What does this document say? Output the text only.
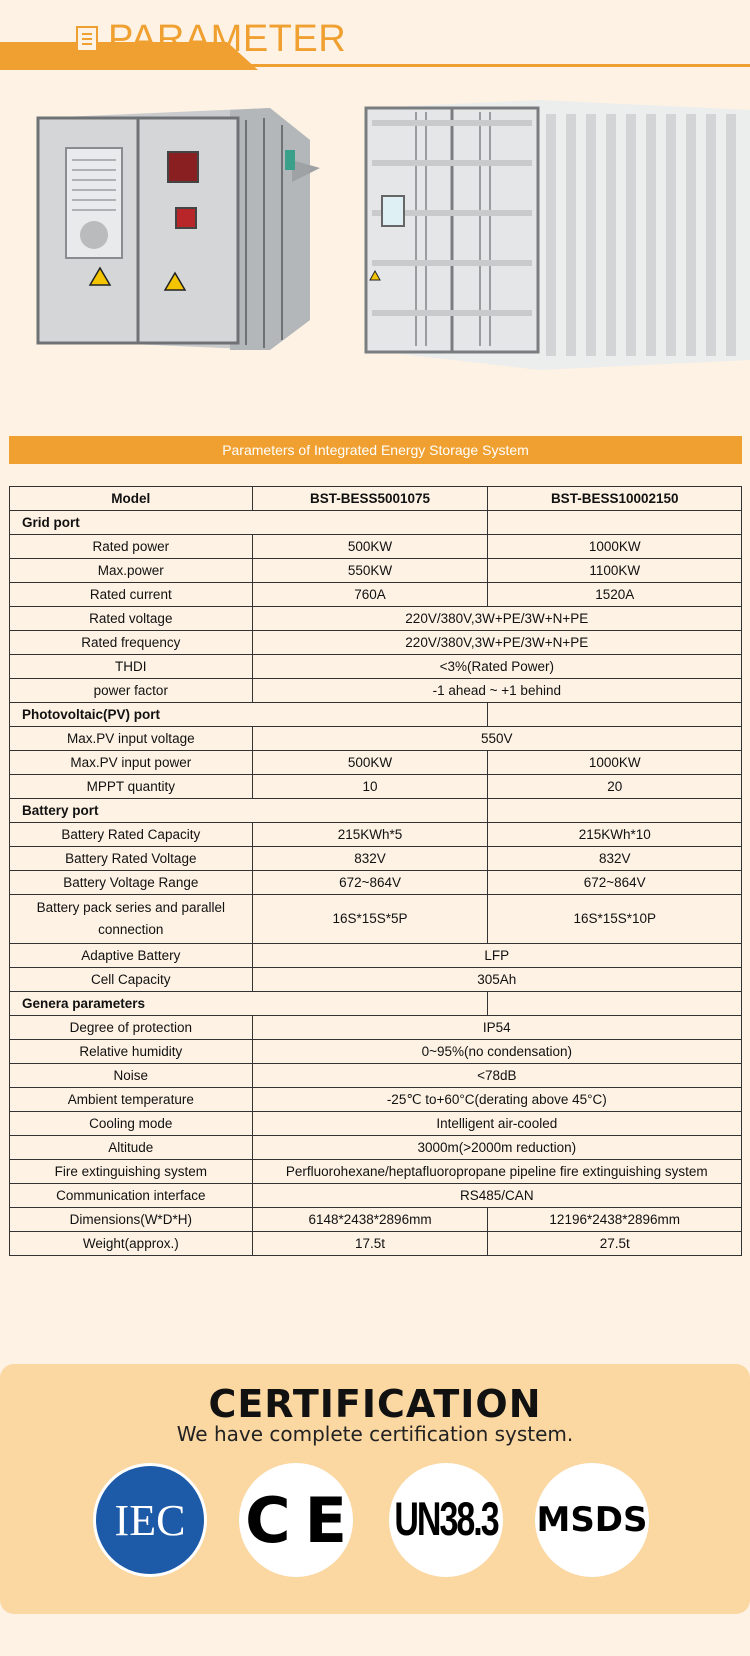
PARAMETER
Parameters of Integrated Energy Storage System
Model	BST-BESS5001075	BST-BESS10002150
Grid port		
Rated power	500KW	1000KW
Max.power	550KW	1100KW
Rated current	760A	1520A
Rated voltage	220V/380V,3W+PE/3W+N+PE	
Rated frequency	220V/380V,3W+PE/3W+N+PE	
THDI	<3%(Rated Power)	
power factor	-1 ahead ~ +1 behind	
Photovoltaic(PV) port		
Max.PV input voltage	550V	
Max.PV input power	500KW	1000KW
MPPT quantity	10	20
Battery port		
Battery Rated Capacity	215KWh*5	215KWh*10
Battery Rated Voltage	832V	832V
Battery Voltage Range	672~864V	672~864V
Battery pack series and parallel connection	16S*15S*5P	16S*15S*10P
Adaptive Battery	LFP	
Cell Capacity	305Ah	
Genera parameters		
Degree of protection	IP54	
Relative humidity	0~95%(no condensation)	
Noise	<78dB	
Ambient temperature	-25℃ to+60°C(derating above 45°C)	
Cooling mode	Intelligent air-cooled	
Altitude	3000m(>2000m reduction)	
Fire extinguishing system	Perfluorohexane/heptafluoropropane pipeline fire extinguishing system	
Communication interface	RS485/CAN	
Dimensions(W*D*H)	6148*2438*2896mm	12196*2438*2896mm
Weight(approx.)	17.5t	27.5t
CERTIFICATION
We have complete certification system.
IEC CE UN38.3 MSDS
